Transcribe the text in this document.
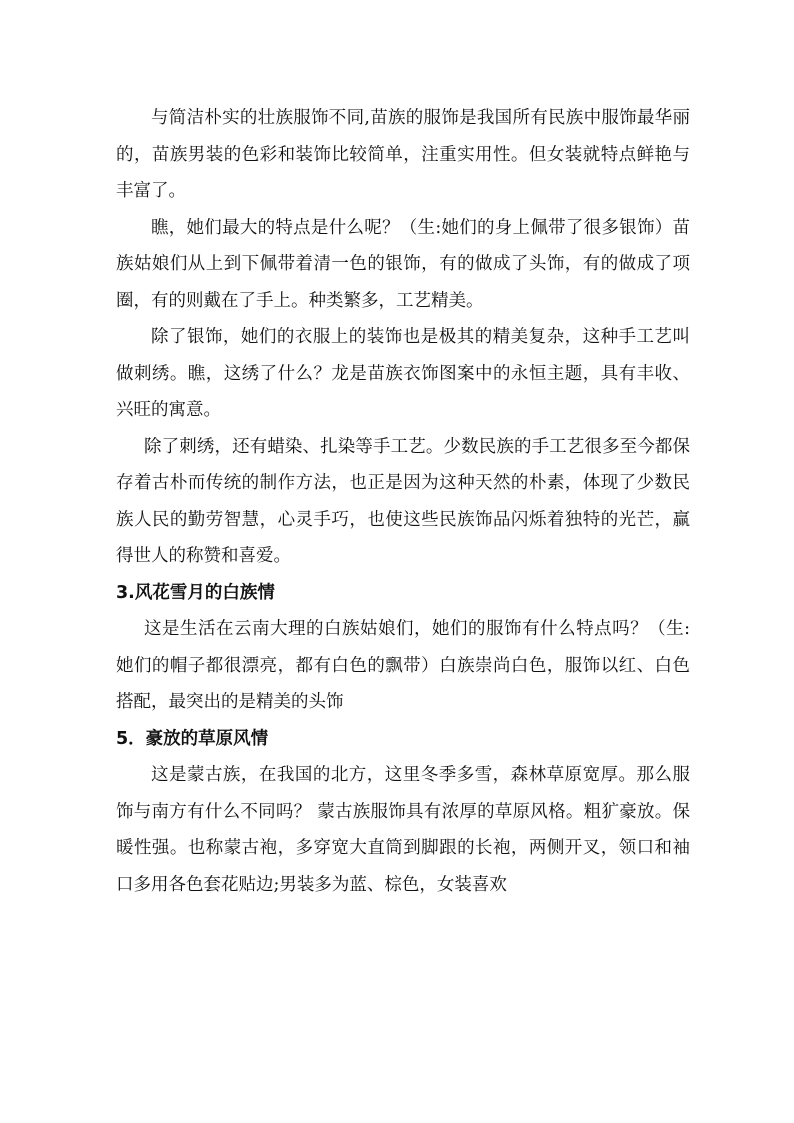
与简洁朴实的壮族服饰不同,苗族的服饰是我国所有民族中服饰最华丽的，苗族男装的色彩和装饰比较简单，注重实用性。但女装就特点鲜艳与丰富了。

瞧，她们最大的特点是什么呢？（生:她们的身上佩带了很多银饰）苗族姑娘们从上到下佩带着清一色的银饰，有的做成了头饰，有的做成了项圈，有的则戴在了手上。种类繁多，工艺精美。

除了银饰，她们的衣服上的装饰也是极其的精美复杂，这种手工艺叫做刺绣。瞧，这绣了什么？龙是苗族衣饰图案中的永恒主题，具有丰收、兴旺的寓意。

除了刺绣，还有蜡染、扎染等手工艺。少数民族的手工艺很多至今都保存着古朴而传统的制作方法，也正是因为这种天然的朴素，体现了少数民族人民的勤劳智慧，心灵手巧，也使这些民族饰品闪烁着独特的光芒，赢得世人的称赞和喜爱。

3.风花雪月的白族情

这是生活在云南大理的白族姑娘们，她们的服饰有什么特点吗？（生:她们的帽子都很漂亮，都有白色的飘带）白族崇尚白色，服饰以红、白色搭配，最突出的是精美的头饰

5．豪放的草原风情

这是蒙古族，在我国的北方，这里冬季多雪，森林草原宽厚。那么服饰与南方有什么不同吗？ 蒙古族服饰具有浓厚的草原风格。粗犷豪放。保暖性强。也称蒙古袍，多穿宽大直筒到脚跟的长袍，两侧开叉，领口和袖口多用各色套花贴边;男装多为蓝、棕色，女装喜欢
